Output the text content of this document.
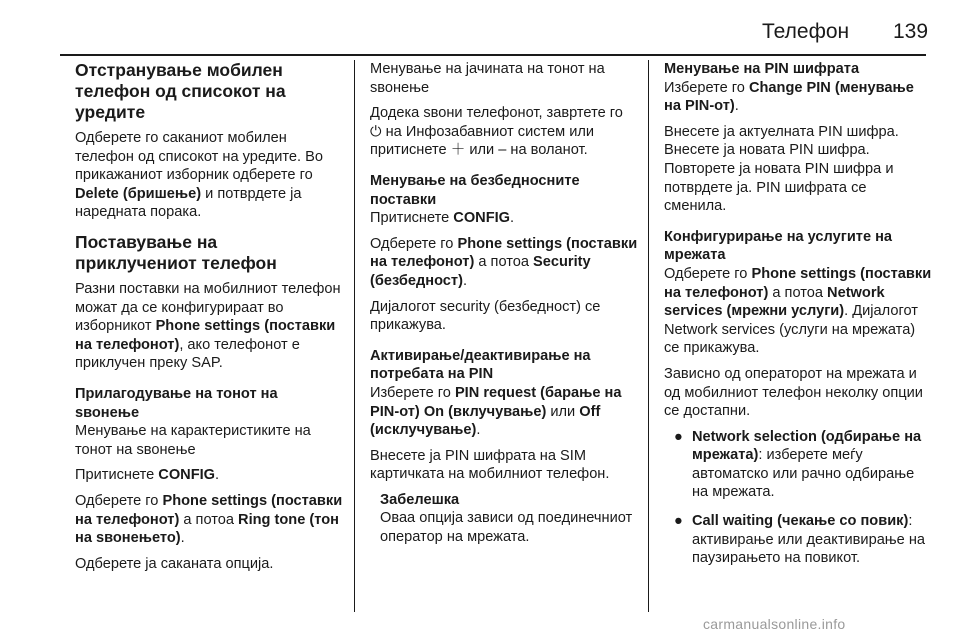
Телефон 139
Отстранување мобилен телефон од списокот на уредите

Одберете го саканиот мобилен телефон од списокот на уредите. Во прикажаниот изборник одберете го Delete (бришење) и потврдете ја наредната порака.

Поставување на приклучениот телефон

Разни поставки на мобилниот телефон можат да се конфигурираат во изборникот Phone settings (поставки на телефонот), ако телефонот е приклучен преку SAP.

Прилагодување на тонот на ѕвонење

Менување на карактеристиките на тонот на ѕвонење

Притиснете CONFIG.

Одберете го Phone settings (поставки на телефонот) а потоа Ring tone (тон на ѕвонењето).

Одберете ја саканата опција.

Менување на јачината на тонот на ѕвонење

Додека ѕвони телефонот, завртете го ⏻ на Инфозабавниот систем или притиснете ＋ или – на воланот.

Менување на безбедносните поставки

Притиснете CONFIG.

Одберете го Phone settings (поставки на телефонот) а потоа Security (безбедност).

Дијалогот security (безбедност) се прикажува.

Активирање/деактивирање на потребата на PIN

Изберете го PIN request (барање на PIN-от) On (вклучување) или Off (исклучување).

Внесете ја PIN шифрата на SIM картичката на мобилниот телефон.

Забелешка
Оваа опција зависи од поединечниот оператор на мрежата.
Менување на PIN шифрата

Изберете го Change PIN (менување на PIN-от).

Внесете ја актуелната PIN шифра. Внесете ја новата PIN шифра. Повторете ја новата PIN шифра и потврдете ја. PIN шифрата се сменила.

Конфигурирање на услугите на мрежата

Одберете го Phone settings (поставки на телефонот) а потоа Network services (мрежни услуги). Дијалогот Network services (услуги на мрежата) се прикажува.

Зависно од операторот на мрежата и од мобилниот телефон неколку опции се достапни.

● Network selection (одбирање на мрежата): изберете меѓу автоматско или рачно одбирање на мрежата.
● Call waiting (чекање со повик): активирање или деактивирање на паузирањето на повикот.
carmanualsonline.info
